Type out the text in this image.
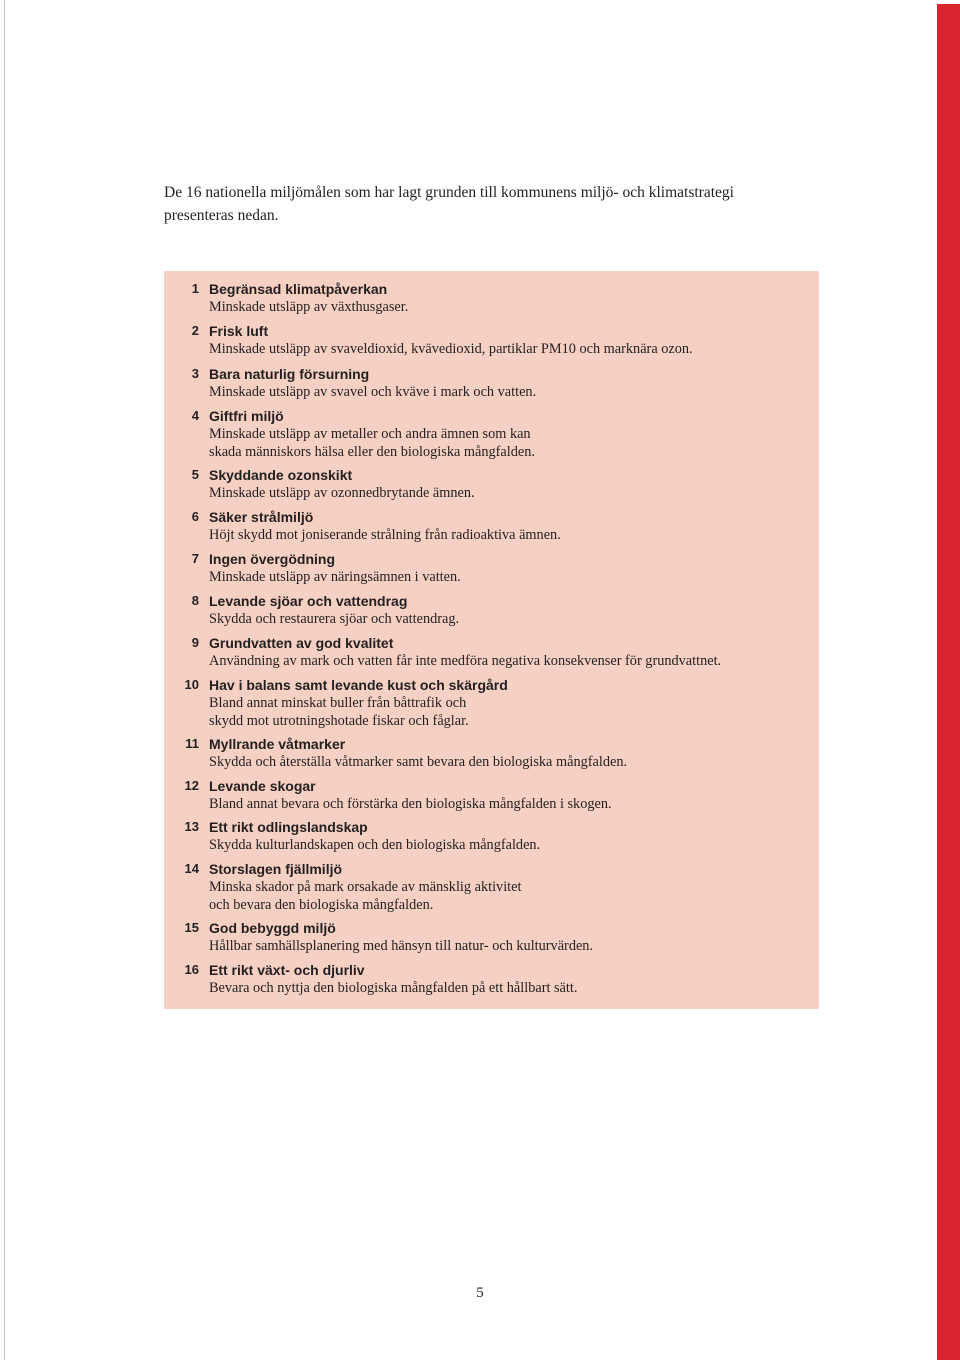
De 16 nationella miljömålen som har lagt grunden till kommunens miljö- och klimatstrategi

presenteras nedan.

1 Begränsad klimatpåverkan
Minskade utsläpp av växthusgaser.
2 Frisk luft
Minskade utsläpp av svaveldioxid, kvävedioxid, partiklar PM10 och marknära ozon.
3 Bara naturlig försurning
Minskade utsläpp av svavel och kväve i mark och vatten.
4 Giftfri miljö
Minskade utsläpp av metaller och andra ämnen som kan
skada människors hälsa eller den biologiska mångfalden.
5 Skyddande ozonskikt
Minskade utsläpp av ozonnedbrytande ämnen.
6 Säker strålmiljö
Höjt skydd mot joniserande strålning från radioaktiva ämnen.
7 Ingen övergödning
Minskade utsläpp av näringsämnen i vatten.
8 Levande sjöar och vattendrag
Skydda och restaurera sjöar och vattendrag.
9 Grundvatten av god kvalitet
Användning av mark och vatten får inte medföra negativa konsekvenser för grundvattnet.
10 Hav i balans samt levande kust och skärgård
Bland annat minskat buller från båttrafik och
skydd mot utrotningshotade fiskar och fåglar.
11 Myllrande våtmarker
Skydda och återställa våtmarker samt bevara den biologiska mångfalden.
12 Levande skogar
Bland annat bevara och förstärka den biologiska mångfalden i skogen.
13 Ett rikt odlingslandskap
Skydda kulturlandskapen och den biologiska mångfalden.
14 Storslagen fjällmiljö
Minska skador på mark orsakade av mänsklig aktivitet
och bevara den biologiska mångfalden.
15 God bebyggd miljö
Hållbar samhällsplanering med hänsyn till natur- och kulturvärden.
16 Ett rikt växt- och djurliv
Bevara och nyttja den biologiska mångfalden på ett hållbart sätt.
5
